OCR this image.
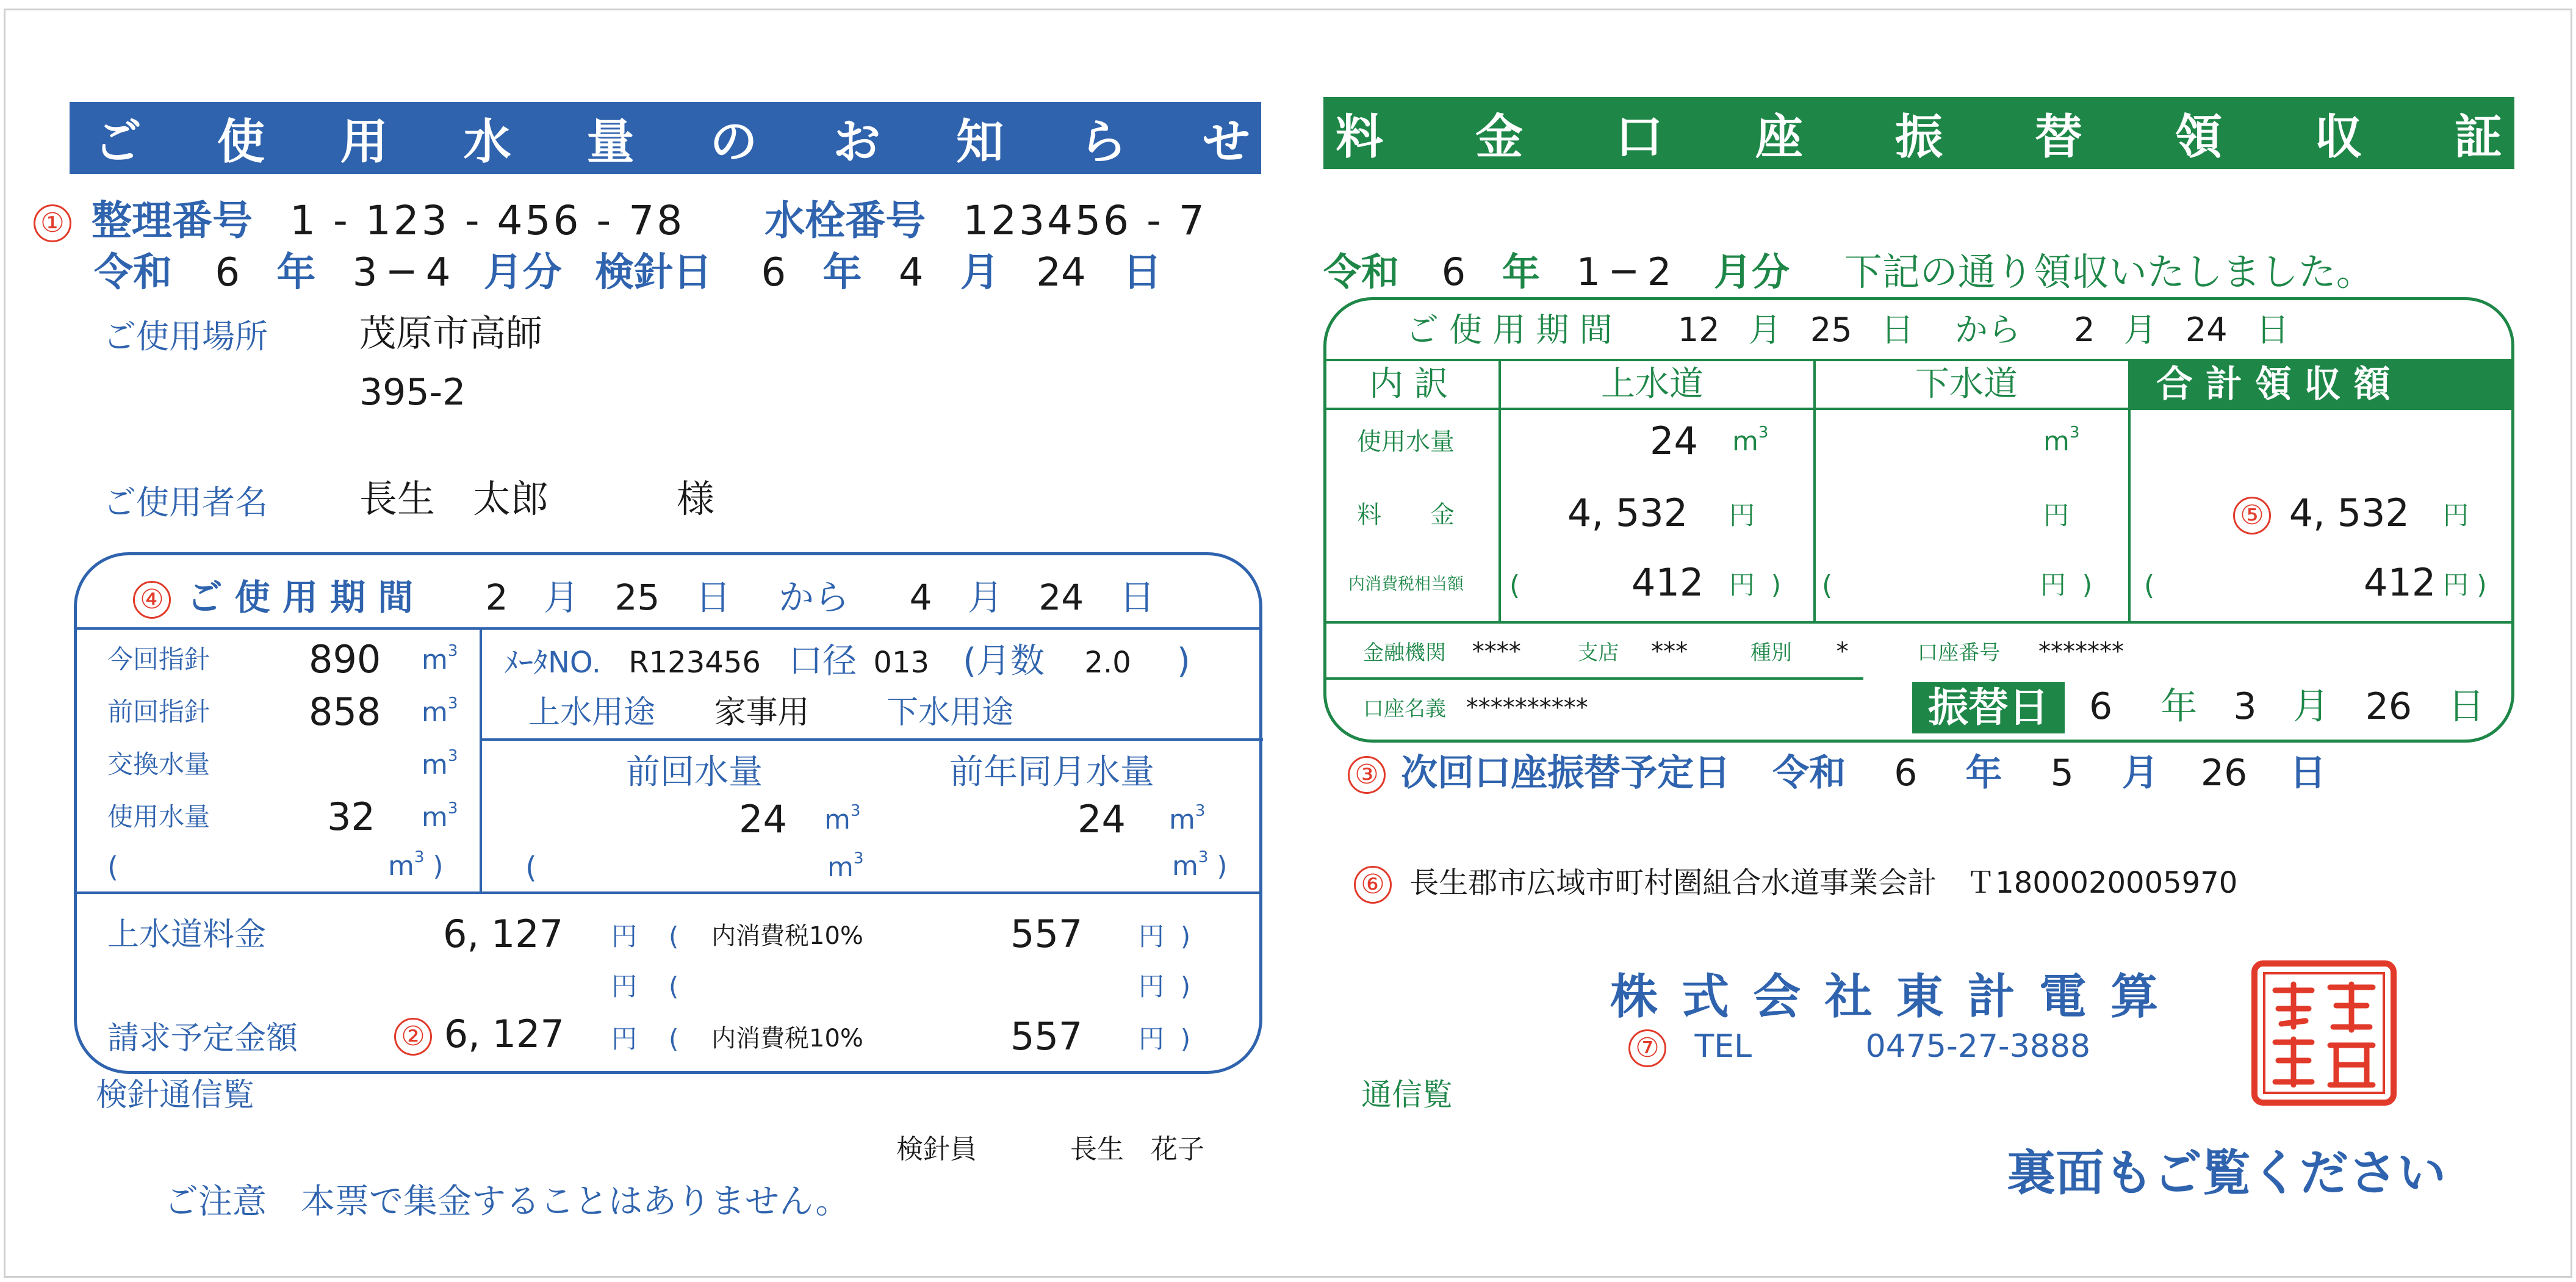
ご 使 用 水 量 の お 知 ら せ
① 整理番号 1 - 123 - 456 - 78 水栓番号 123456 - 7
令和 6 年 3 ─ 4 月分 検針日 6 年 4 月 24 日
ご使用場所	茂原市高師
395-2
ご使用者名 長生　太郎	様
④ ご 使 用 期 間 2 月 25 日 から 4 月 24 日
今回指針	890 $m^3$
前回指針	858 $m^3$
交換水量	$m^3$
使用水量	32 $m^3$
(	$m^3$ )
ﾒｰﾀNO. R123456 口径 013 (月数 2.0 )
上水用途 家事用 下水用途
前回水量	前年同月水量
24 $m^3$	24 $m^3$
(	$m^3$	$m^3$ )
上水道料金	6, 127 円 ( 内消費税10%	557 円 )
円 (	円 )
請求予定金額	② 6, 127 円 ( 内消費税10%	557 円 )
検針通信覧
検針員	長生　花子
ご注意　本票で集金することはありません。
料 金 口 座 振 替 領 収 証
令和 6 年 1 ─ 2 月分 下記の通り領収いたしました。
ご 使 用 期 間 12 月 25 日 から 2 月 24 日
内 訳	上水道	下水道	合 計 領 収 額
使用水量	24 $m^3$	$m^3$
料　　金	4, 532 円	円	⑤ 4, 532 円
内消費税相当額 (	412 円 ) (	円 ) (	412 円 )
金融機関 ****	支店 ***	種別 *	口座番号 *******
口座名義 **********	振替日	6 年 3 月 26 日
③ 次回口座振替予定日 令和 6 年 5 月 26 日
⑥ 長生郡市広域市町村圏組合水道事業会計　Ｔ1800020005970
株 式 会 社 東 計 電 算
⑦ TEL	0475-27-3888
通信覧
裏面もご覧ください
